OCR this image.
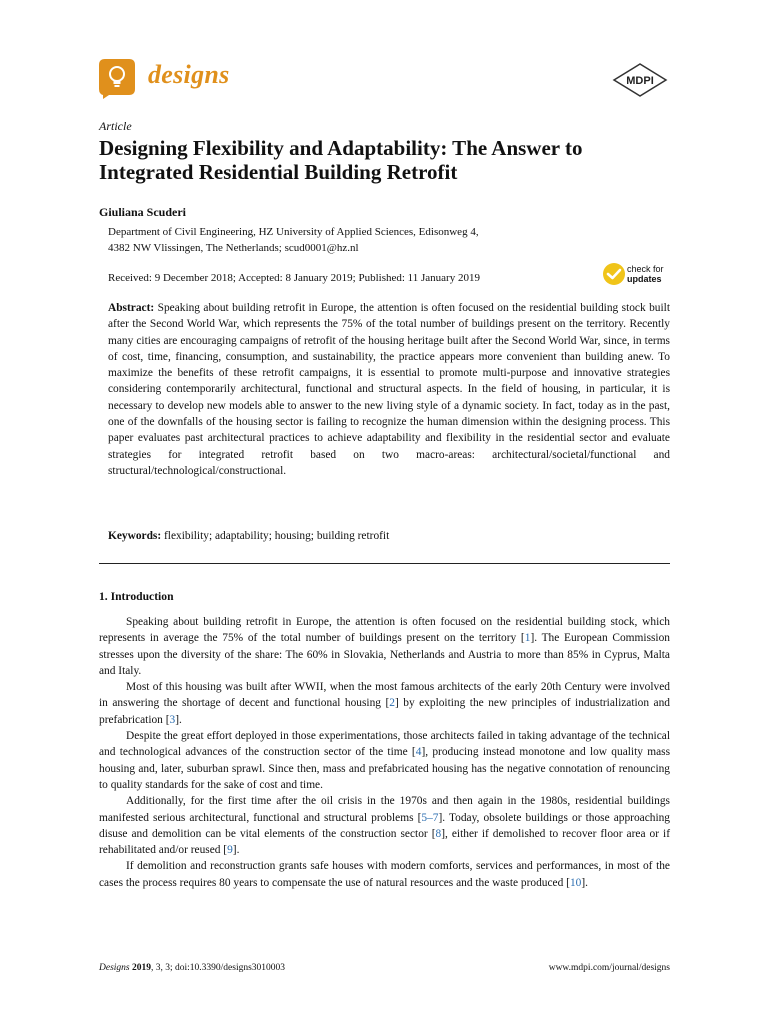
designs	MDPI
Article
Designing Flexibility and Adaptability: The Answer to Integrated Residential Building Retrofit
Giuliana Scuderi
Department of Civil Engineering, HZ University of Applied Sciences, Edisonweg 4,
4382 NW Vlissingen, The Netherlands; scud0001@hz.nl
Received: 9 December 2018; Accepted: 8 January 2019; Published: 11 January 2019
check for
updates
Abstract: Speaking about building retrofit in Europe, the attention is often focused on the residential building stock built after the Second World War, which represents the 75% of the total number of buildings present on the territory. Recently many cities are encouraging campaigns of retrofit of the housing heritage built after the Second World War, since, in terms of cost, time, financing, consumption, and sustainability, the practice appears more convenient than building anew. To maximize the benefits of these retrofit campaigns, it is essential to promote multi-purpose and innovative strategies considering contemporarily architectural, functional and structural aspects. In the field of housing, in particular, it is necessary to develop new models able to answer to the new living style of a dynamic society. In fact, today as in the past, one of the downfalls of the housing sector is failing to recognize the human dimension within the designing process. This paper evaluates past architectural practices to achieve adaptability and flexibility in the residential sector and evaluate strategies for integrated retrofit based on two macro-areas: architectural/societal/functional and structural/technological/constructional.
Keywords: flexibility; adaptability; housing; building retrofit
1. Introduction

Speaking about building retrofit in Europe, the attention is often focused on the residential building stock, which represents in average the 75% of the total number of buildings present on the territory [1]. The European Commission stresses upon the diversity of the share: The 60% in Slovakia, Netherlands and Austria to more than 85% in Cyprus, Malta and Italy.

Most of this housing was built after WWII, when the most famous architects of the early 20th Century were involved in answering the shortage of decent and functional housing [2] by exploiting the new principles of industrialization and prefabrication [3].

Despite the great effort deployed in those experimentations, those architects failed in taking advantage of the technical and technological advances of the construction sector of the time [4], producing instead monotone and low quality mass housing and, later, suburban sprawl. Since then, mass and prefabricated housing has the negative connotation of renouncing to quality standards for the sake of cost and time.

Additionally, for the first time after the oil crisis in the 1970s and then again in the 1980s, residential buildings manifested serious architectural, functional and structural problems [5–7]. Today, obsolete buildings or those approaching disuse and demolition can be vital elements of the construction sector [8], either if demolished to recover floor area or if rehabilitated and/or reused [9].

If demolition and reconstruction grants safe houses with modern comforts, services and performances, in most of the cases the process requires 80 years to compensate the use of natural resources and the waste produced [10].

Designs 2019, 3, 3; doi:10.3390/designs3010003	www.mdpi.com/journal/designs
